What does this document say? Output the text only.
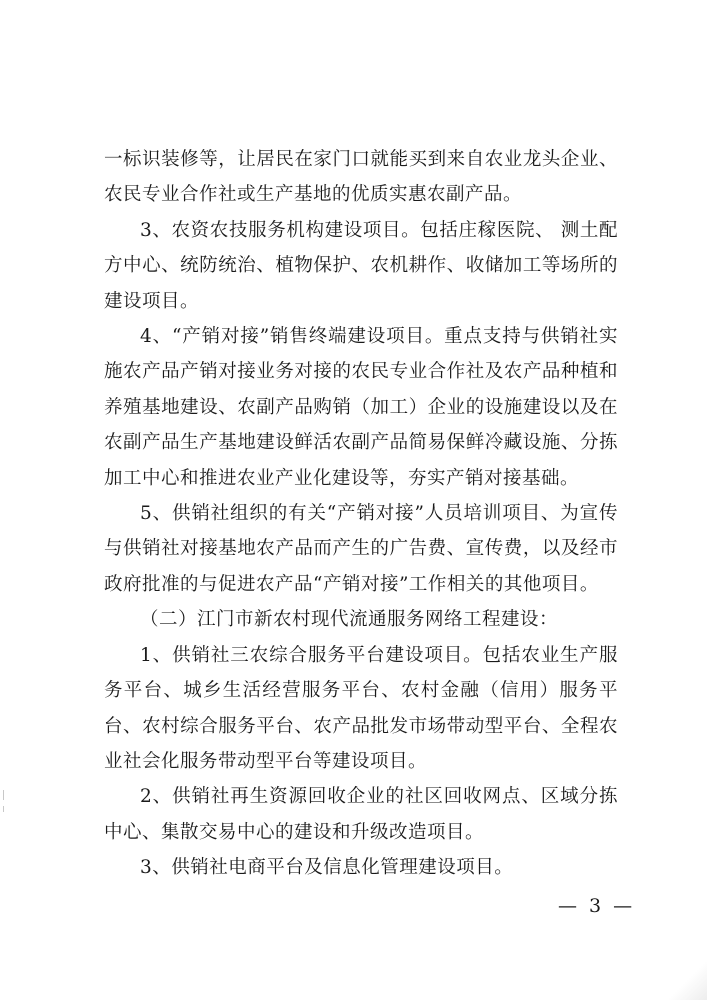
一标识装修等，让居民在家门口就能买到来自农业龙头企业、农民专业合作社或生产基地的优质实惠农副产品。

3、农资农技服务机构建设项目。包括庄稼医院、 测土配方中心、统防统治、植物保护、农机耕作、收储加工等场所的建设项目。

4、“产销对接”销售终端建设项目。重点支持与供销社实施农产品产销对接业务对接的农民专业合作社及农产品种植和养殖基地建设、农副产品购销（加工）企业的设施建设以及在农副产品生产基地建设鲜活农副产品简易保鲜冷藏设施、分拣加工中心和推进农业产业化建设等，夯实产销对接基础。

5、供销社组织的有关“产销对接”人员培训项目、为宣传与供销社对接基地农产品而产生的广告费、宣传费，以及经市政府批准的与促进农产品“产销对接”工作相关的其他项目。

（二）江门市新农村现代流通服务网络工程建设：

1、供销社三农综合服务平台建设项目。包括农业生产服务平台、城乡生活经营服务平台、农村金融（信用）服务平台、农村综合服务平台、农产品批发市场带动型平台、全程农业社会化服务带动型平台等建设项目。

2、供销社再生资源回收企业的社区回收网点、区域分拣中心、集散交易中心的建设和升级改造项目。

3、供销社电商平台及信息化管理建设项目。

— 3 —
